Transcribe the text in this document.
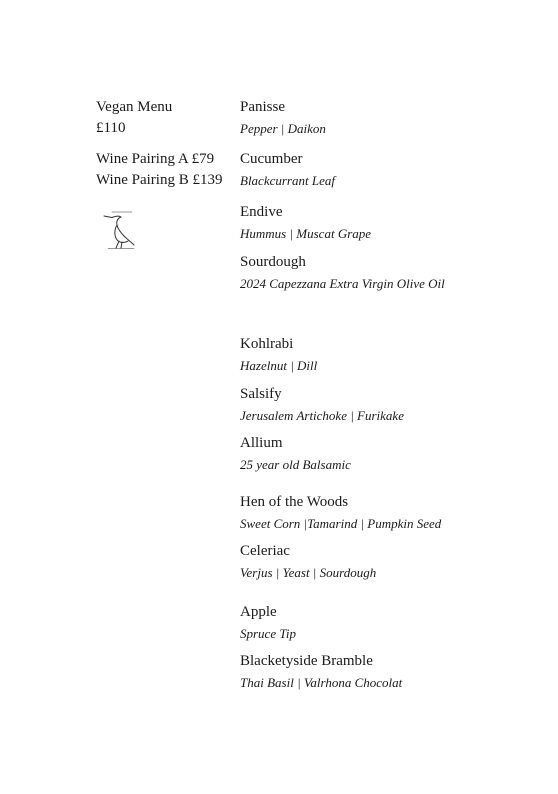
Vegan Menu
£110
Wine Pairing A £79
Wine Pairing B £139
Panisse
Pepper | Daikon
Cucumber
Blackcurrant Leaf
Endive
Hummus | Muscat Grape
Sourdough
2024 Capezzana Extra Virgin Olive Oil
Kohlrabi
Hazelnut | Dill
Salsify
Jerusalem Artichoke | Furikake
Allium
25 year old Balsamic
Hen of the Woods
Sweet Corn |Tamarind | Pumpkin Seed
Celeriac
Verjus | Yeast | Sourdough
Apple
Spruce Tip
Blacketyside Bramble
Thai Basil | Valrhona Chocolat
